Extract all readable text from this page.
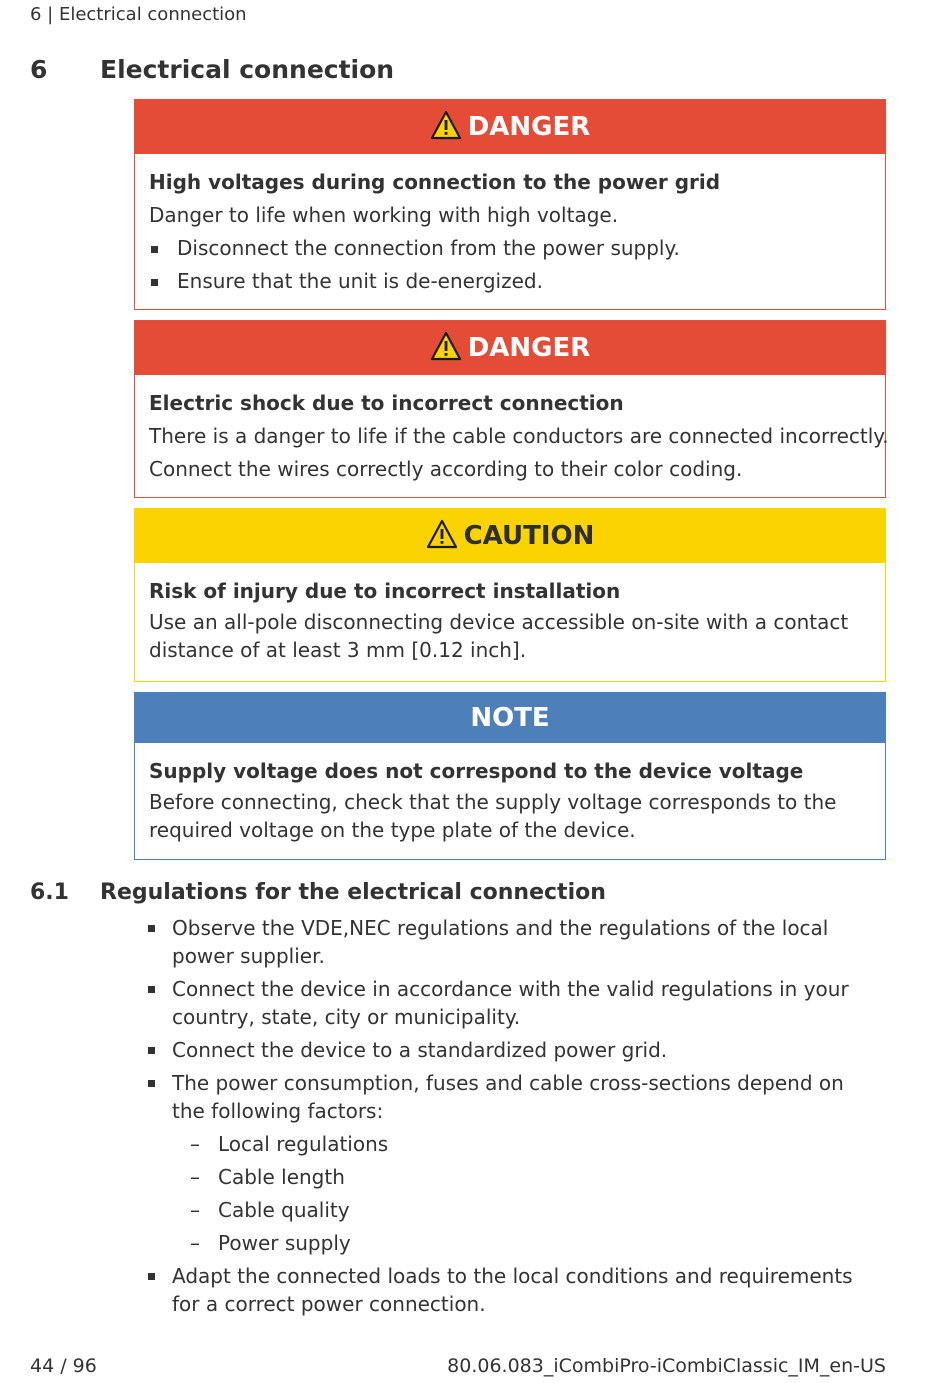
6 | Electrical connection
6 Electrical connection
DANGER
High voltages during connection to the power grid
Danger to life when working with high voltage.
Disconnect the connection from the power supply.
Ensure that the unit is de-energized.
DANGER
Electric shock due to incorrect connection
There is a danger to life if the cable conductors are connected incorrectly.
Connect the wires correctly according to their color coding.
CAUTION
Risk of injury due to incorrect installation
Use an all-pole disconnecting device accessible on-site with a contact distance of at least 3 mm [0.12 inch].
NOTE
Supply voltage does not correspond to the device voltage
Before connecting, check that the supply voltage corresponds to the required voltage on the type plate of the device.
6.1 Regulations for the electrical connection
Observe the VDE,NEC regulations and the regulations of the local power supplier.
Connect the device in accordance with the valid regulations in your country, state, city or municipality.
Connect the device to a standardized power grid.
The power consumption, fuses and cable cross-sections depend on the following factors:
– Local regulations
– Cable length
– Cable quality
– Power supply
Adapt the connected loads to the local conditions and requirements for a correct power connection.
44 / 96	80.06.083_iCombiPro-iCombiClassic_IM_en-US
